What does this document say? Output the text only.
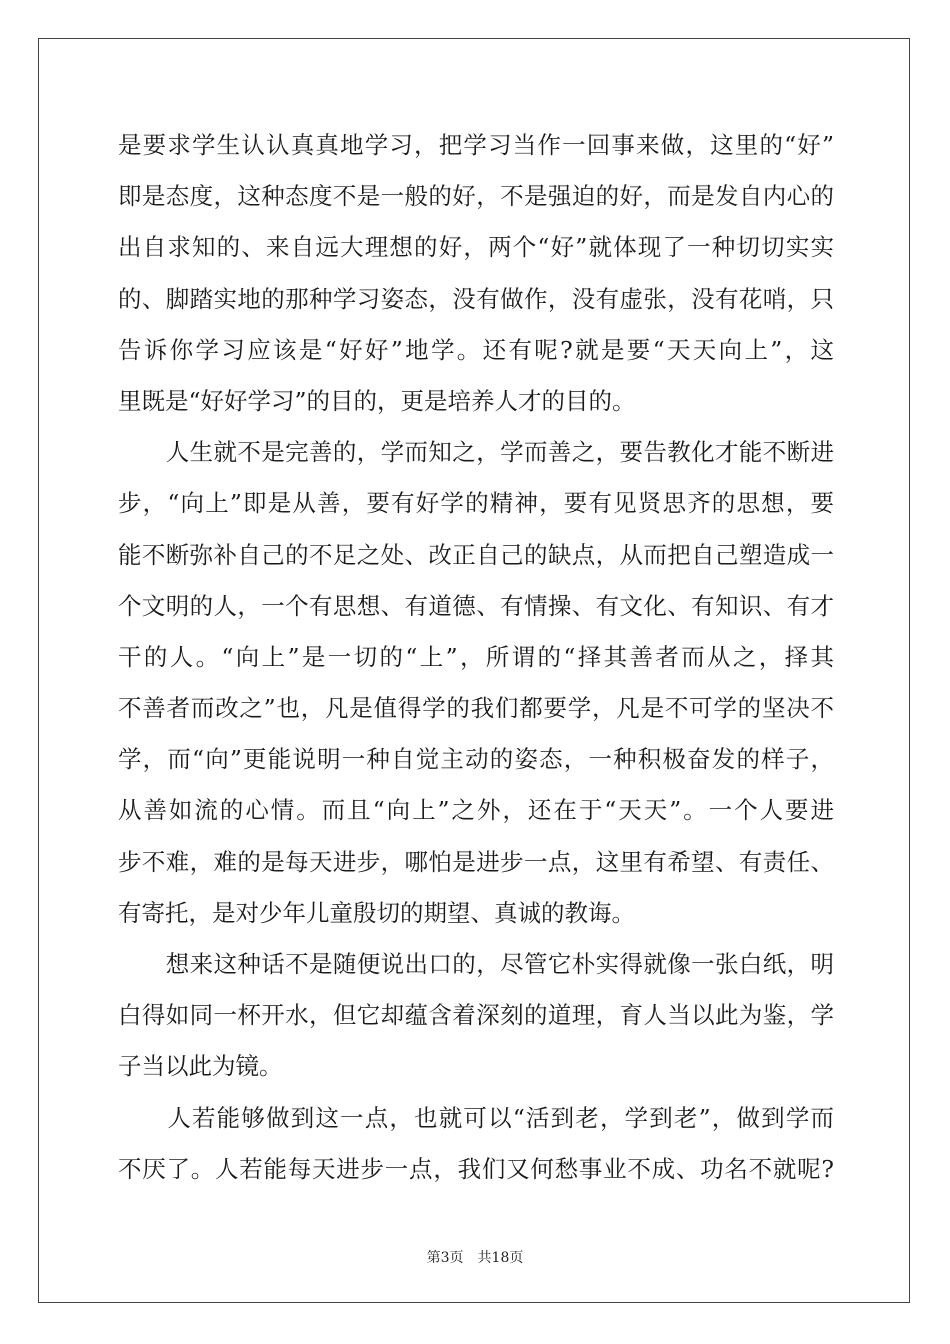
是要求学生认认真真地学习，把学习当作一回事来做，这里的“好”
即是态度，这种态度不是一般的好，不是强迫的好，而是发自内心的
出自求知的、来自远大理想的好，两个“好”就体现了一种切切实实
的、脚踏实地的那种学习姿态，没有做作，没有虚张，没有花哨，只
告诉你学习应该是“好好”地学。还有呢?就是要“天天向上”，这
里既是“好好学习”的目的，更是培养人才的目的。
　　人生就不是完善的，学而知之，学而善之，要告教化才能不断进
步，“向上”即是从善，要有好学的精神，要有见贤思齐的思想，要
能不断弥补自己的不足之处、改正自己的缺点，从而把自己塑造成一
个文明的人，一个有思想、有道德、有情操、有文化、有知识、有才
干的人。“向上”是一切的“上”，所谓的“择其善者而从之，择其
不善者而改之”也，凡是值得学的我们都要学，凡是不可学的坚决不
学，而“向”更能说明一种自觉主动的姿态，一种积极奋发的样子，
从善如流的心情。而且“向上”之外，还在于“天天”。一个人要进
步不难，难的是每天进步，哪怕是进步一点，这里有希望、有责任、
有寄托，是对少年儿童殷切的期望、真诚的教诲。
　　想来这种话不是随便说出口的，尽管它朴实得就像一张白纸，明
白得如同一杯开水，但它却蕴含着深刻的道理，育人当以此为鉴，学
子当以此为镜。
　　人若能够做到这一点，也就可以“活到老，学到老”，做到学而
不厌了。人若能每天进步一点，我们又何愁事业不成、功名不就呢?
第3页 共18页
